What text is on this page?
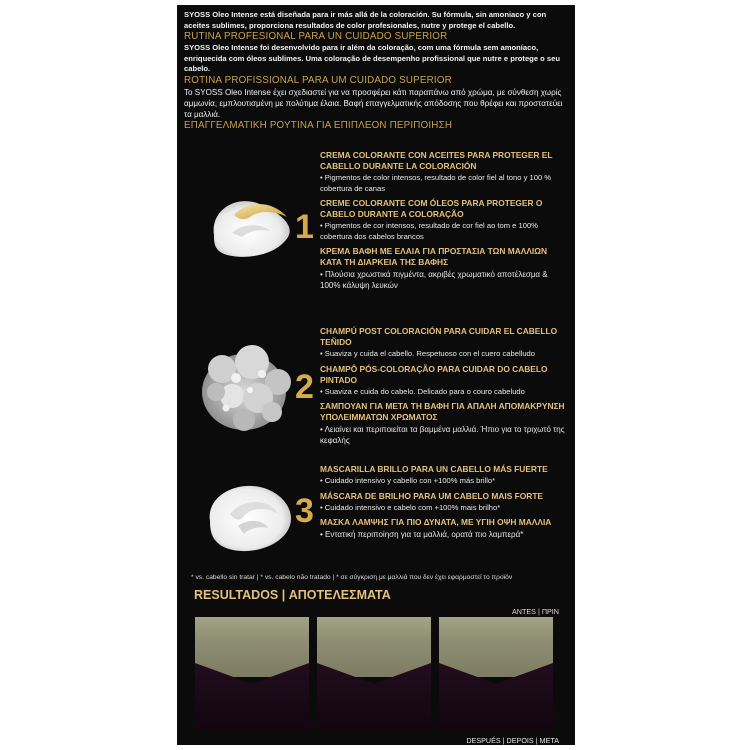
SYOSS Oleo Intense está diseñada para ir más allá de la coloración. Su fórmula, sin amoniaco y con aceites sublimes, proporciona resultados de color profesionales, nutre y protege el cabello.
RUTINA PROFESIONAL PARA UN CUIDADO SUPERIOR
SYOSS Oleo Intense foi desenvolvido para ir além da coloração, com uma fórmula sem amoníaco, enriquecida com óleos sublimes. Uma coloração de desempenho profissional que nutre e protege o seu cabelo.
ROTINA PROFISSIONAL PARA UM CUIDADO SUPERIOR
Το SYOSS Oleo Intense έχει σχεδιαστεί για να προσφέρει κάτι παραπάνω από χρώμα, με σύνθεση χωρίς αμμωνία, εμπλουτισμένη με πολύτιμα έλαια. Βαφή επαγγελματικής απόδοσης που θρέφει και προστατεύει τα μαλλιά.
ΕΠΑΓΓΕΛΜΑΤΙΚΗ ΡΟΥΤΙΝΑ ΓΙΑ ΕΠΙΠΛΕΟΝ ΠΕΡΙΠΟΙΗΣΗ
1

CREMA COLORANTE CON ACEITES PARA PROTEGER EL CABELLO DURANTE LA COLORACIÓN

• Pigmentos de color intensos, resultado de color fiel al tono y 100 % cobertura de canas

CREME COLORANTE COM ÓLEOS PARA PROTEGER O CABELO DURANTE A COLORAÇÃO

• Pigmentos de cor intensos, resultado de cor fiel ao tom e 100% cobertura dos cabelos brancos

ΚΡΕΜΑ ΒΑΦΗ ΜΕ ΕΛΑΙΑ ΓΙΑ ΠΡΟΣΤΑΣΙΑ ΤΩΝ ΜΑΛΛΙΩΝ ΚΑΤΑ ΤΗ ΔΙΑΡΚΕΙΑ ΤΗΣ ΒΑΦΗΣ

• Πλούσια χρωστικά πιγμέντα, ακριβές χρωματικό αποτέλεσμα & 100% κάλυψη λευκών

2

CHAMPÚ POST COLORACIÓN PARA CUIDAR EL CABELLO TEÑIDO

• Suaviza y cuida el cabello. Respetuoso con el cuero cabelludo

CHAMPÔ PÓS-COLORAÇÃO PARA CUIDAR DO CABELO PINTADO

• Suaviza e cuida do cabelo. Delicado para o couro cabeludo

ΣΑΜΠΟΥΑΝ ΓΙΑ ΜΕΤΑ ΤΗ ΒΑΦΗ ΓΙΑ ΑΠΑΛΗ ΑΠΟΜΑΚΡΥΝΣΗ ΥΠΟΛΕΙΜΜΑΤΩΝ ΧΡΩΜΑΤΟΣ

• Λειαίνει και περιποιείται τα βαμμένα μαλλιά. Ήπιο για το τριχωτό της κεφαλής

3

MASCARILLA BRILLO PARA UN CABELLO MÁS FUERTE

• Cuidado intensivo y cabello con +100% más brillo*

MÁSCARA DE BRILHO PARA UM CABELO MAIS FORTE

• Cuidado intensivo e cabelo com +100% mais brilho*

ΜΑΣΚΑ ΛΑΜΨΗΣ ΓΙΑ ΠΙΟ ΔΥΝΑΤΑ, ΜΕ ΥΓΙΗ ΟΨΗ ΜΑΛΛΙΑ

• Εντατική περιποίηση για τα μαλλιά, ορατά πιο λαμπερά*

* vs. cabello sin tratar | * vs. cabelo não tratado | * σε σύγκριση με μαλλιά που δεν έχει εφαρμοστεί το προϊόν
RESULTADOS | ΑΠΟΤΕΛΕΣΜΑΤΑ
ANTES | ΠΡΙΝ
DESPUÉS | DEPOIS | ΜΕΤΑ
